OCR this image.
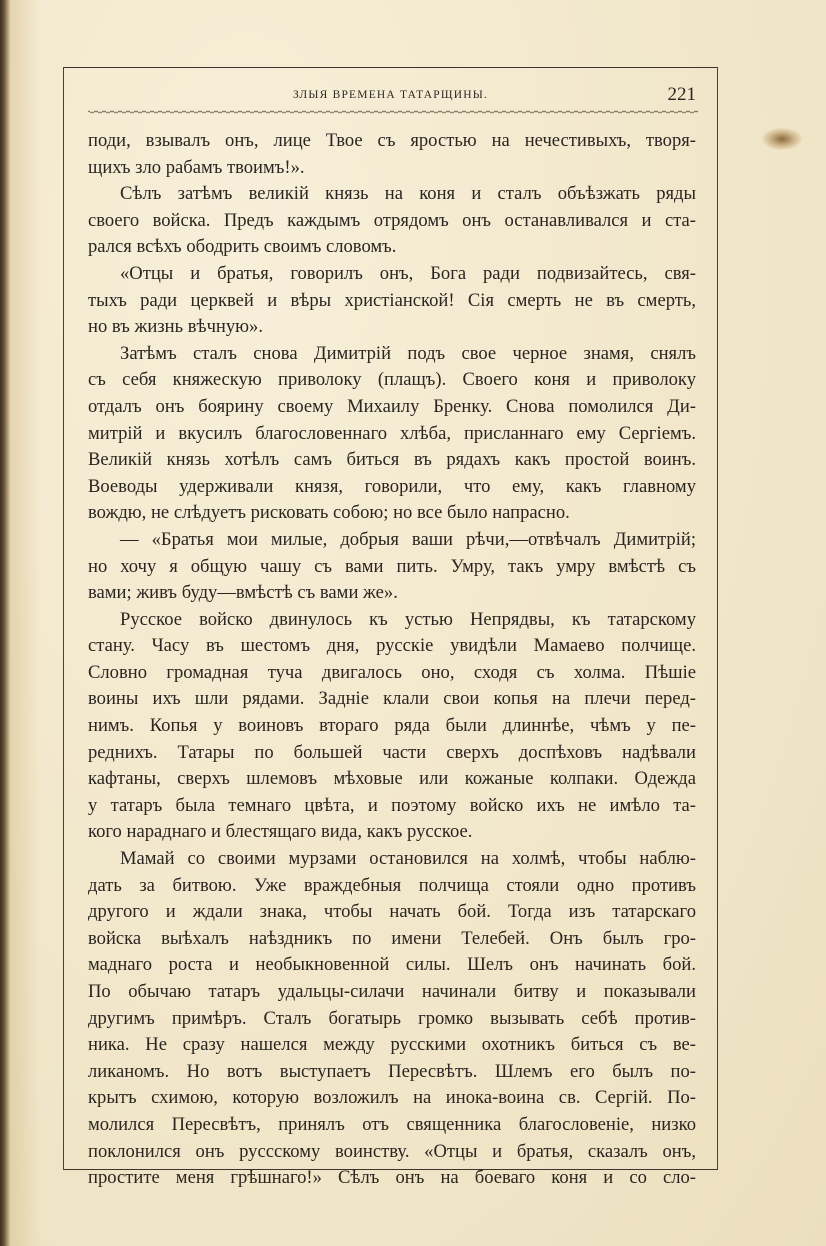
ЗЛЫЯ ВРЕМЕНА ТАТАРЩИНЫ.	221
поди, взывалъ онъ, лице Твое съ яростью на нечестивыхъ, творя-
щихъ зло рабамъ твоимъ!».
Сѣлъ затѣмъ великій князь на коня и сталъ объѣзжать ряды
своего войска. Предъ каждымъ отрядомъ онъ останавливался и ста-
рался всѣхъ ободрить своимъ словомъ.
«Отцы и братья, говорилъ онъ, Бога ради подвизайтесь, свя-
тыхъ ради церквей и вѣры христіанской! Сія смерть не въ смерть,
но въ жизнь вѣчную».
Затѣмъ сталъ снова Димитрій подъ свое черное знамя, снялъ
съ себя княжескую приволоку (плащъ). Своего коня и приволоку
отдалъ онъ боярину своему Михаилу Бренку. Снова помолился Ди-
митрій и вкусилъ благословеннаго хлѣба, присланнаго ему Сергіемъ.
Великій князь хотѣлъ самъ биться въ рядахъ какъ простой воинъ.
Воеводы удерживали князя, говорили, что ему, какъ главному
вождю, не слѣдуетъ рисковать собою; но все было напрасно.
— «Братья мои милые, добрыя ваши рѣчи,—отвѣчалъ Димитрій;
но хочу я общую чашу съ вами пить. Умру, такъ умру вмѣстѣ съ
вами; живъ буду—вмѣстѣ съ вами же».
Русское войско двинулось къ устью Непрядвы, къ татарскому
стану. Часу въ шестомъ дня, русскіе увидѣли Мамаево полчище.
Словно громадная туча двигалось оно, сходя съ холма. Пѣшіе
воины ихъ шли рядами. Задніе клали свои копья на плечи перед-
нимъ. Копья у воиновъ втораго ряда были длиннѣе, чѣмъ у пе-
реднихъ. Татары по большей части сверхъ доспѣховъ надѣвали
кафтаны, сверхъ шлемовъ мѣховые или кожаные колпаки. Одежда
у татаръ была темнаго цвѣта, и поэтому войско ихъ не имѣло та-
кого нараднаго и блестящаго вида, какъ русское.
Мамай со своими мурзами остановился на холмѣ, чтобы наблю-
дать за битвою. Уже враждебныя полчища стояли одно противъ
другого и ждали знака, чтобы начать бой. Тогда изъ татарскаго
войска выѣхалъ наѣздникъ по имени Телебей. Онъ былъ гро-
маднаго роста и необыкновенной силы. Шелъ онъ начинать бой.
По обычаю татаръ удальцы-силачи начинали битву и показывали
другимъ примѣръ. Сталъ богатырь громко вызывать себѣ против-
ника. Не сразу нашелся между русскими охотникъ биться съ ве-
ликаномъ. Но вотъ выступаетъ Пересвѣтъ. Шлемъ его былъ по-
крытъ схимою, которую возложилъ на инока-воина св. Сергій. По-
молился Пересвѣтъ, принялъ отъ священника благословеніе, низко
поклонился онъ руссскому воинству. «Отцы и братья, сказалъ онъ,
простите меня грѣшнаго!» Сѣлъ онъ на боеваго коня и со сло-
